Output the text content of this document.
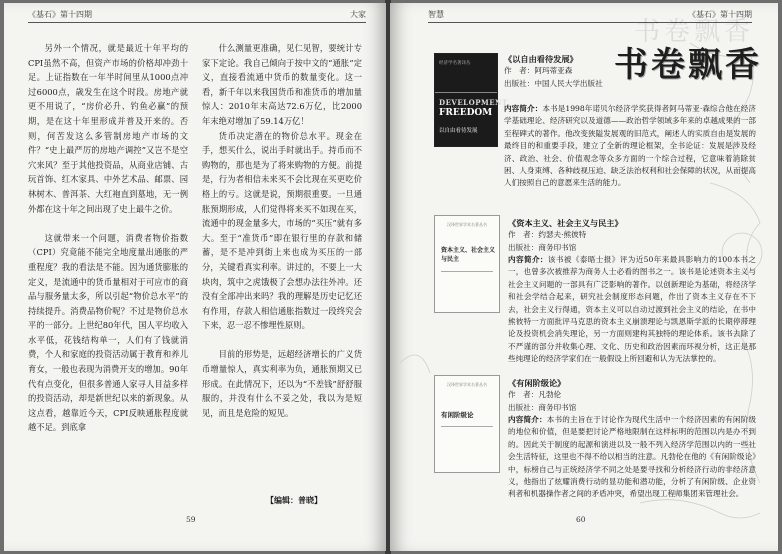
《基石》第十四期	大家

另外一个情况，就是最近十年平均的CPI虽然不高，但资产市场的价格却冲劲十足。上证指数在一年半时间里从1000点冲过6000点，歳发生在这个时段。房地产就更不用说了，“房价必升、钓鱼必赢”的预期，是在这十年里形成并普及开来的。否则，何苦发这么多管制房地产市场的文件？“史上最严厉的房地产调控”又岂不是空穴来风？至于其他投资品，从商业店铺、古玩首饰、红木家具、中外艺术品、邮票、园林树木、普洱茶、大红袍直到墓地，无一例外都在这十年之间出现了史上最牛之价。

这就带来一个问题，消费者物价指数（CPI）究竟能不能完全地度量出通胀的严重程度？我的看法是不能。因为通货膨胀的定义，是流通中的货币量相对于可应市的商品与服务量太多，所以引起“物价总水平”的持续提升。消费品物价呢？不过是物价总水平的一部分。上世纪80年代，国人平均收入水平低，花钱结构单一，人们有了钱就消费，个人和家庭的投资活动属于教育和养儿育女，一般也表现为消费开支的增加。90年代有点变化，但很多普通人家寻人目益多样的投资活动，却是新世纪以来的新现象。从这点看，越靠近今天，CPI反映通胀程度就越不足。到底拿

什么测量更准确，见仁见智，要统计专家下定论。我自己倾向于按中文的“通胀”定义，直接看流通中货币的数量变化。这一看，新千年以来我国货币和准货币的增加量惊人：2010年末高达72.6万亿，比2000年末绝对增加了59.14万亿！

货币决定潜在的物价总水平。现金在手，想买什么，说出手时就出手。持币而不购物的，那也是为了将来购物的方便。前提是，行为者相信未来买不会比现在买更吃价格上的亏。这就是说，预期很重要。一旦通胀预期形成，人们觉得将来买不如现在买，流通中的现金量多大，市场的“买压”就有多大。至于“准货币”即在银行里的存款和储蓄，是不是冲到街上来也成为买压的一部分，关键看真实利率。讲过的，不要上一大块肉，筑中之虎饿极了会想办法往外冲。还没有全部冲出来吗？我的理解是历史记忆还有作用，存款人相信通胀指数过一段终究会下来，忍一忍不惨埋性原则。

目前的形势是，远超经济增长的广义货币增量惊人，真实利率为负，通胀预期又已形成。在此情况下，还以为“不差钱”舒舒服服的，并没有什么不妥之处，我以为是短见，而且是危险的短见。

【编辑：普晓】
59
智慧	《基石》第十四期
书卷飘香
书卷飘香
经济学名著译丛
DEVELOPMENT
FREEDOM
以自由看待发展
《以自由看待发展》
作　者：阿玛蒂亚森
出版社：中国人民大学出版社

内容简介：本书是1998年诺贝尔经济学奖获得者阿马蒂亚·森综合他在经济学基础理论、经济研究以及道德——政治哲学领域多年来的卓越成果的一部至程碑式的著作。他改变狭隘发展观的旧范式，阐述人的实质自由是发展的最终目的和重要手段，建立了全新的理论框架，全书论证：发展是涉及经济、政治、社会、价值观念等众多方面的一个综合过程，它意味着消除贫困、人身束缚、各种歧视压迫、缺乏法治权利和社会保障的状况，从而提高人们按照自己的意愿来生活的能力。

汉译世界学术名著丛书
资本主义、社会主义与民主
《资本主义、社会主义与民主》
作　者：约瑟夫·熊彼特
出版社：商务印书馆

内容简介：该书被《泰晤士报》评为近50年来最具影响力的100本书之一，也曾多次被推荐为商务人士必看的图书之一。该书是论述资本主义与社会主义问题的一部具有广泛影响的著作。以创新理论为基础，将经济学和社会学结合起来，研究社会制度形态问题，作出了资本主义存在不下去，社会主义行得通，资本主义可以自动过渡到社会主义的结论，在书中熊彼特一方面批评马克思的资本主义崩溃理论与凯恩斯学派的长期停滞理论及投资机会消失理论，另一方面则建构其独特的理论体系。该书去除了不严谨的部分并收集心理、文化、历史和政治因素而环视分析，这正是那些纯理论的经济学家们在一般假设上所回避和认为无法掌控的。

汉译世界学术名著丛书
有闲阶级论
《有闲阶级论》
作　者：凡勃伦
出版社：商务印书馆

内容简介：本书的主旨在于讨论作为现代生活中一个经济因素的有闲阶级的地位和价值，但是要把讨论严格地限制在这样标明的范围以内是办不到的。因此关于制度的起源和演进以及一般不列入经济学范围以内的一些社会生活特征，这里也不得不给以相当的注意。凡勃伦在他的《有闲阶级论》中，标榜自己与正统经济学不同之处是要寻找和分析经济行动的非经济意义，他指出了炫耀消费行动的显功能和潜功能，分析了有闲阶级、企业资利者和机器操作者之间的矛盾冲突，希望出现工程师集团来管理社会。

60
